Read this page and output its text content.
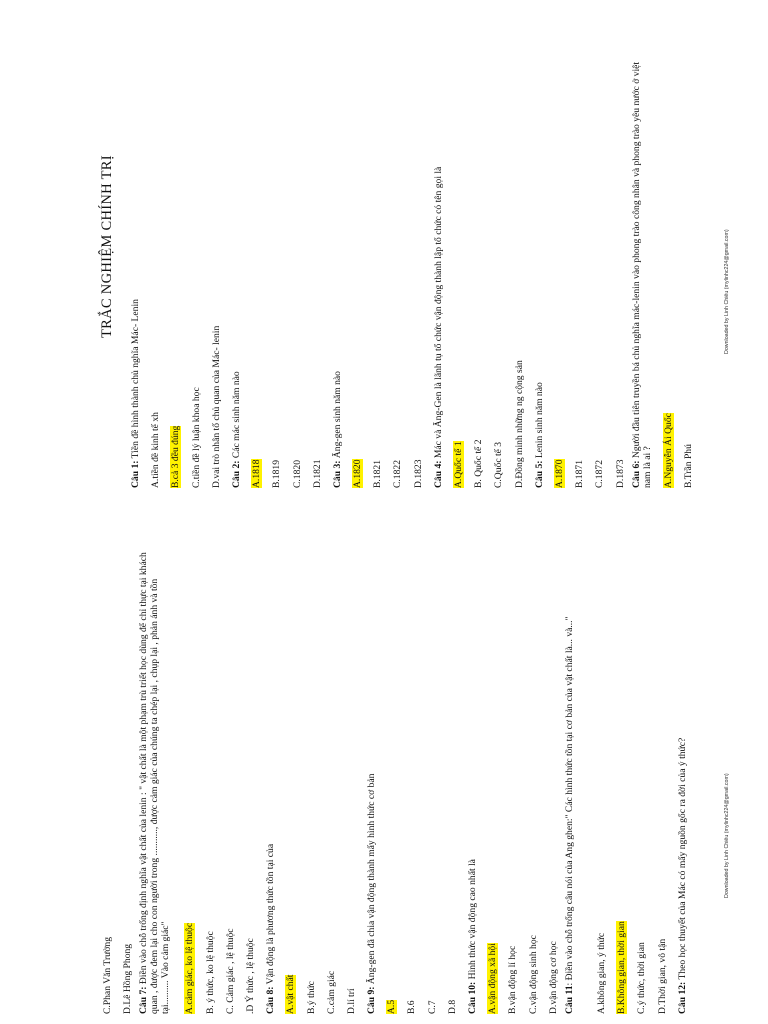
TRẮC NGHIỆM CHÍNH TRỊ
Câu 1: Tiền đề hình thành chủ nghĩa Mác- Lenin A.tiền đề kinh tế xh B.cả 3 đều đúng C.tiền đề lý luận khoa học D.vai trò nhân tố chủ quan của Mác- lenin Câu 2: Các mác sinh năm nào
A.1818 B.1819 C.1820 D.1821 Câu 3: Ăng-gen sinh năm nào
A.1820 B.1821 C.1822 D.1823 Câu 4: Mác và Ăng-Gen là lãnh tụ tổ chức vận động thành lập tổ chức có tên gọi là
A.Quốc tế 1 B. Quốc tế 2 C.Quốc tế 3 D.Đồng minh những ng cộng sản Câu 5: Lenin sinh năm nào
A.1870 B.1871 C.1872 D.1873 Câu 6: Người đầu tiên truyền bá chủ nghĩa mác-lenin vào phong trào công nhân và phong trào yêu nước ở việt nam là ai ?	A.Nguyễn Ái Quốc B.Trần Phú
C.Phan Văn Trường D.Lê Hồng Phong Câu 7: Điền vào chỗ trống định nghĩa vật chất của lenin : " vật chất là một phạm trù triết học dùng để chỉ thực tại khách quan , được đem lại cho con người trong ..........., được cảm giác của chúng ta chép lại , chụp lại , phản ánh và tồn tại.......... Vào cảm giác"	A.cảm giác, ko lệ thuộc B. ý thức, ko lệ thuộc C. Cảm giác , lệ thuộc .D Ý thức , lệ thuộc Câu 8: Vận động là phương thức tồn tại của
A.vật chất B.ý thức C.cảm giác D.lí trí Câu 9: Ăng-gen đã chia vận động thành mấy hình thức cơ bản
A.5 B.6 C.7 D.8 Câu 10: Hình thức vận động cao nhất là A.vận động xã hội B.vận động lí học C.vận động sinh học D.vận động cơ học Câu 11: Điền vào chỗ trống câu nói của Ang ghen:" Các hình thức tồn tại cơ bản của vật chất là... và..."	A.không gian, ý thức B.Không gian, thời gian C.ý thức, thời gian D.Thời gian, vô tận Câu 12: Theo học thuyết của Mác có mấy nguồn gốc ra đời của ý thức?	Downloaded by Linh Chiêu (mylinhc224@gmail.com)
Downloaded by Linh Chiêu (mylinhc224@gmail.com)
